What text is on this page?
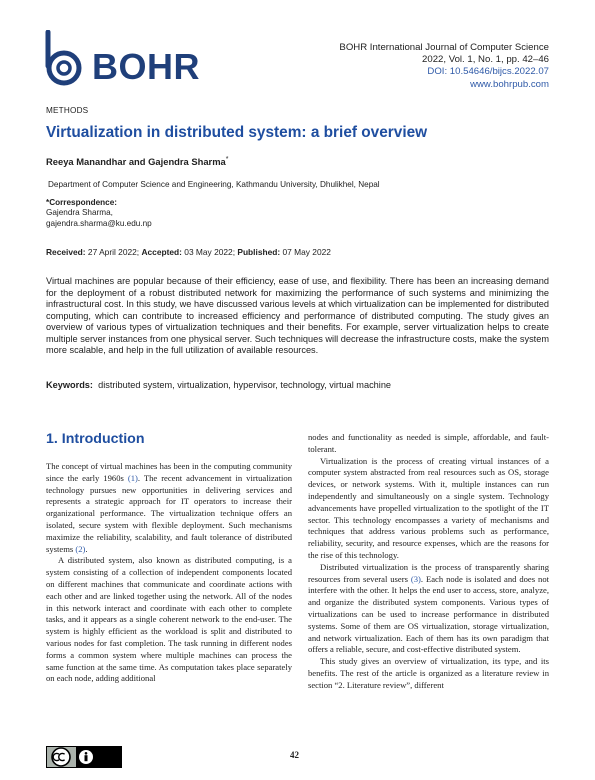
BOHR	BOHR International Journal of Computer Science
2022, Vol. 1, No. 1, pp. 42–46
DOI: 10.54646/bijcs.2022.07
www.bohrpub.com
METHODS
Virtualization in distributed system: a brief overview
Reeya Manandhar and Gajendra Sharma*
Department of Computer Science and Engineering, Kathmandu University, Dhulikhel, Nepal
*Correspondence:
Gajendra Sharma,
gajendra.sharma@ku.edu.np
Received: 27 April 2022; Accepted: 03 May 2022; Published: 07 May 2022
Virtual machines are popular because of their efficiency, ease of use, and flexibility. There has been an increasing demand for the deployment of a robust distributed network for maximizing the performance of such systems and minimizing the infrastructural cost. In this study, we have discussed various levels at which virtualization can be implemented for distributed computing, which can contribute to increased efficiency and performance of distributed computing. The study gives an overview of various types of virtualization techniques and their benefits. For example, server virtualization helps to create multiple server instances from one physical server. Such techniques will decrease the infrastructure costs, make the system more scalable, and help in the full utilization of available resources.
Keywords: distributed system, virtualization, hypervisor, technology, virtual machine
1. Introduction

The concept of virtual machines has been in the computing community since the early 1960s (1). The recent advancement in virtualization technology pursues new opportunities in delivering services and represents a strategic approach for IT operators to increase their organizational performance. The virtualization technique offers an isolated, secure system with flexible deployment. Such mechanisms maximize the reliability, scalability, and fault tolerance of distributed systems (2).

A distributed system, also known as distributed computing, is a system consisting of a collection of independent components located on different machines that communicate and coordinate actions with each other and are linked together using the network. All of the nodes in this network interact and coordinate with each other to complete tasks, and it appears as a single coherent network to the end-user. The system is highly efficient as the workload is split and distributed to various nodes for fast completion. The task running in different nodes forms a common system where multiple machines can process the same function at the same time. As computation takes place separately on each node, adding additional

nodes and functionality as needed is simple, affordable, and fault-tolerant.

Virtualization is the process of creating virtual instances of a computer system abstracted from real resources such as OS, storage devices, or network systems. With it, multiple instances can run independently and simultaneously on a single system. Technology advancements have propelled virtualization to the spotlight of the IT sector. This technology encompasses a variety of mechanisms and techniques that address various problems such as performance, reliability, security, and resource expenses, which are the reasons for the rise of this technology.

Distributed virtualization is the process of transparently sharing resources from several users (3). Each node is isolated and does not interfere with the other. It helps the end user to access, store, analyze, and organize the distributed system components. Various types of virtualizations can be used to increase performance in distributed systems. Some of them are OS virtualization, storage virtualization, and network virtualization. Each of them has its own paradigm that offers a reliable, secure, and cost-effective distributed system.

This study gives an overview of virtualization, its type, and its benefits. The rest of the article is organized as a literature review in section “2. Literature review”, different

42
